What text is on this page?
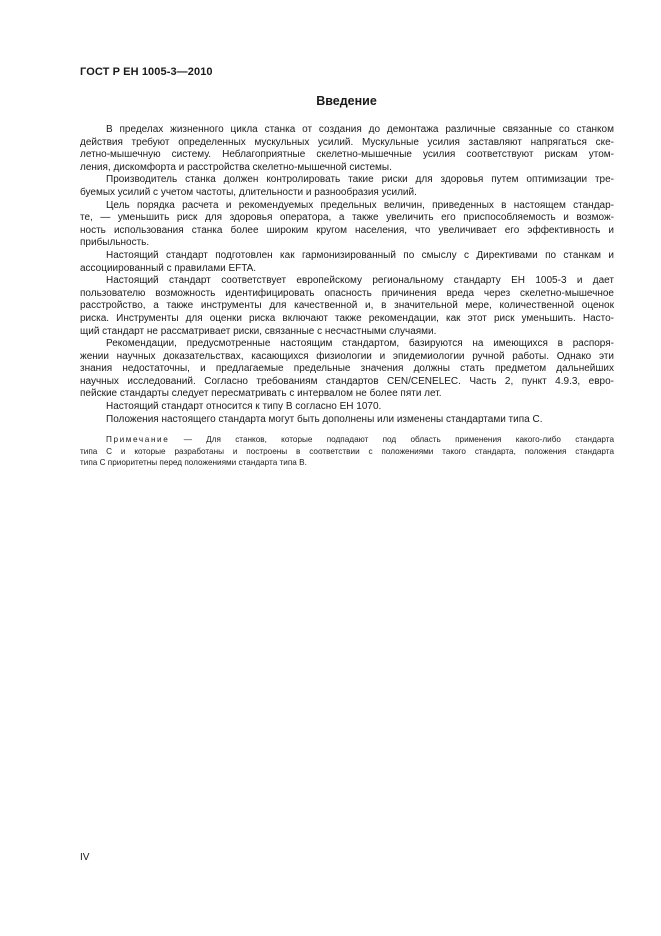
ГОСТ Р ЕН 1005-3—2010
Введение
В пределах жизненного цикла станка от создания до демонтажа различные связанные со станком
действия требуют определенных мускульных усилий. Мускульные усилия заставляют напрягаться ске-
летно-мышечную систему. Неблагоприятные скелетно-мышечные усилия соответствуют рискам утом-
ления, дискомфорта и расстройства скелетно-мышечной системы.
Производитель станка должен контролировать такие риски для здоровья путем оптимизации тре-
буемых усилий с учетом частоты, длительности и разнообразия усилий.
Цель порядка расчета и рекомендуемых предельных величин, приведенных в настоящем стандар-
те, — уменьшить риск для здоровья оператора, а также увеличить его приспособляемость и возмож-
ность использования станка более широким кругом населения, что увеличивает его эффективность и
прибыльность.
Настоящий стандарт подготовлен как гармонизированный по смыслу с Директивами по станкам и
ассоциированный с правилами EFTA.
Настоящий стандарт соответствует европейскому региональному стандарту ЕН 1005-3 и дает
пользователю возможность идентифицировать опасность причинения вреда через скелетно-мышечное
расстройство, а также инструменты для качественной и, в значительной мере, количественной оценок
риска. Инструменты для оценки риска включают также рекомендации, как этот риск уменьшить. Насто-
щий стандарт не рассматривает риски, связанные с несчастными случаями.
Рекомендации, предусмотренные настоящим стандартом, базируются на имеющихся в распоря-
жении научных доказательствах, касающихся физиологии и эпидемиологии ручной работы. Однако эти
знания недостаточны, и предлагаемые предельные значения должны стать предметом дальнейших
научных исследований. Согласно требованиям стандартов CEN/CENELEC. Часть 2, пункт 4.9.3, евро-
пейские стандарты следует пересматривать с интервалом не более пяти лет.
Настоящий стандарт относится к типу В согласно ЕН 1070.
Положения настоящего стандарта могут быть дополнены или изменены стандартами типа С.
Примечание — Для станков, которые подпадают под область применения какого-либо стандарта
типа С и которые разработаны и построены в соответствии с положениями такого стандарта, положения стандарта
типа С приоритетны перед положениями стандарта типа В.
IV
